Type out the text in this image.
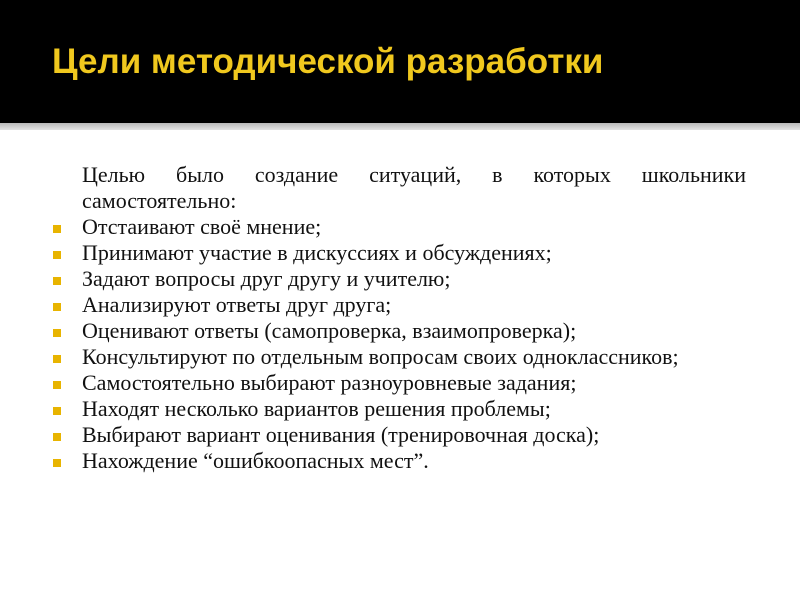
Цели методической разработки

Целью было создание ситуаций, в которых школьники самостоятельно:

Отстаивают своё мнение;
Принимают участие в дискуссиях и обсуждениях;
Задают вопросы друг другу и учителю;
Анализируют ответы друг друга;
Оценивают ответы (самопроверка, взаимопроверка);
Консультируют по отдельным вопросам своих одноклассников;
Самостоятельно выбирают разноуровневые задания;
Находят несколько вариантов решения проблемы;
Выбирают вариант оценивания (тренировочная доска);
Нахождение “ошибкоопасных мест”.
